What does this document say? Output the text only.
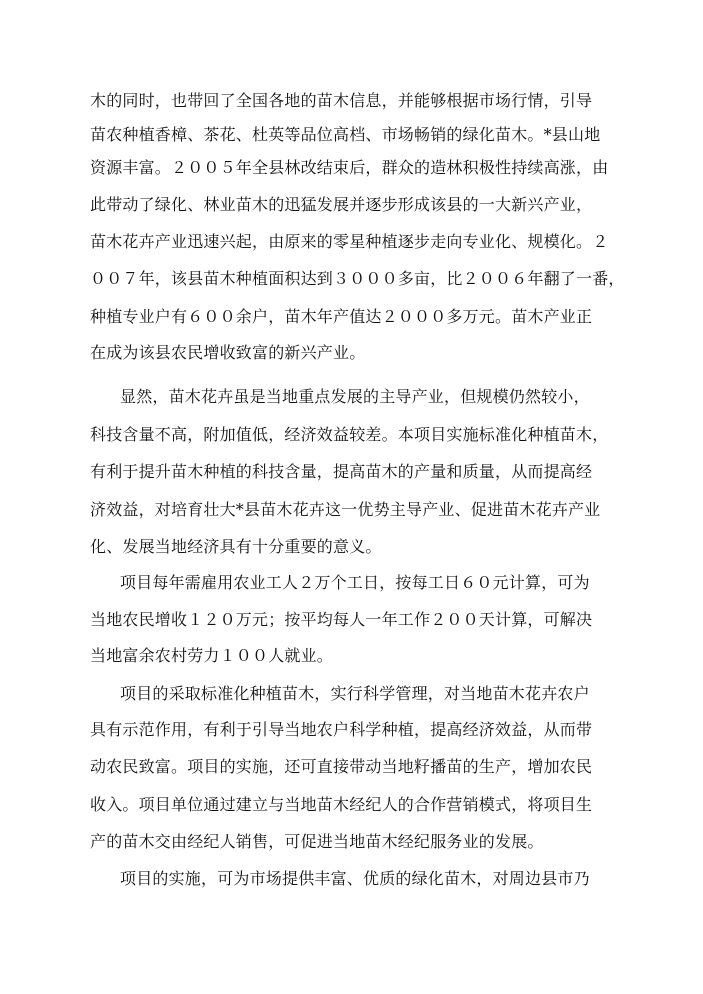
木的同时，也带回了全国各地的苗木信息，并能够根据市场行情，引导
苗农种植香樟、茶花、杜英等品位高档、市场畅销的绿化苗木。*县山地
资源丰富。２００５年全县林改结束后，群众的造林积极性持续高涨，由
此带动了绿化、林业苗木的迅猛发展并逐步形成该县的一大新兴产业，
苗木花卉产业迅速兴起，由原来的零星种植逐步走向专业化、规模化。２
００７年，该县苗木种植面积达到３０００多亩，比２００６年翻了一番，
种植专业户有６００余户，苗木年产值达２０００多万元。苗木产业正
在成为该县农民增收致富的新兴产业。
显然，苗木花卉虽是当地重点发展的主导产业，但规模仍然较小，
科技含量不高，附加值低，经济效益较差。本项目实施标准化种植苗木，
有利于提升苗木种植的科技含量，提高苗木的产量和质量，从而提高经
济效益，对培育壮大*县苗木花卉这一优势主导产业、促进苗木花卉产业
化、发展当地经济具有十分重要的意义。
项目每年需雇用农业工人２万个工日，按每工日６０元计算，可为
当地农民增收１２０万元；按平均每人一年工作２００天计算，可解决
当地富余农村劳力１００人就业。
项目的采取标准化种植苗木，实行科学管理，对当地苗木花卉农户
具有示范作用，有利于引导当地农户科学种植，提高经济效益，从而带
动农民致富。项目的实施，还可直接带动当地籽播苗的生产，增加农民
收入。项目单位通过建立与当地苗木经纪人的合作营销模式，将项目生
产的苗木交由经纪人销售，可促进当地苗木经纪服务业的发展。
项目的实施，可为市场提供丰富、优质的绿化苗木，对周边县市乃
